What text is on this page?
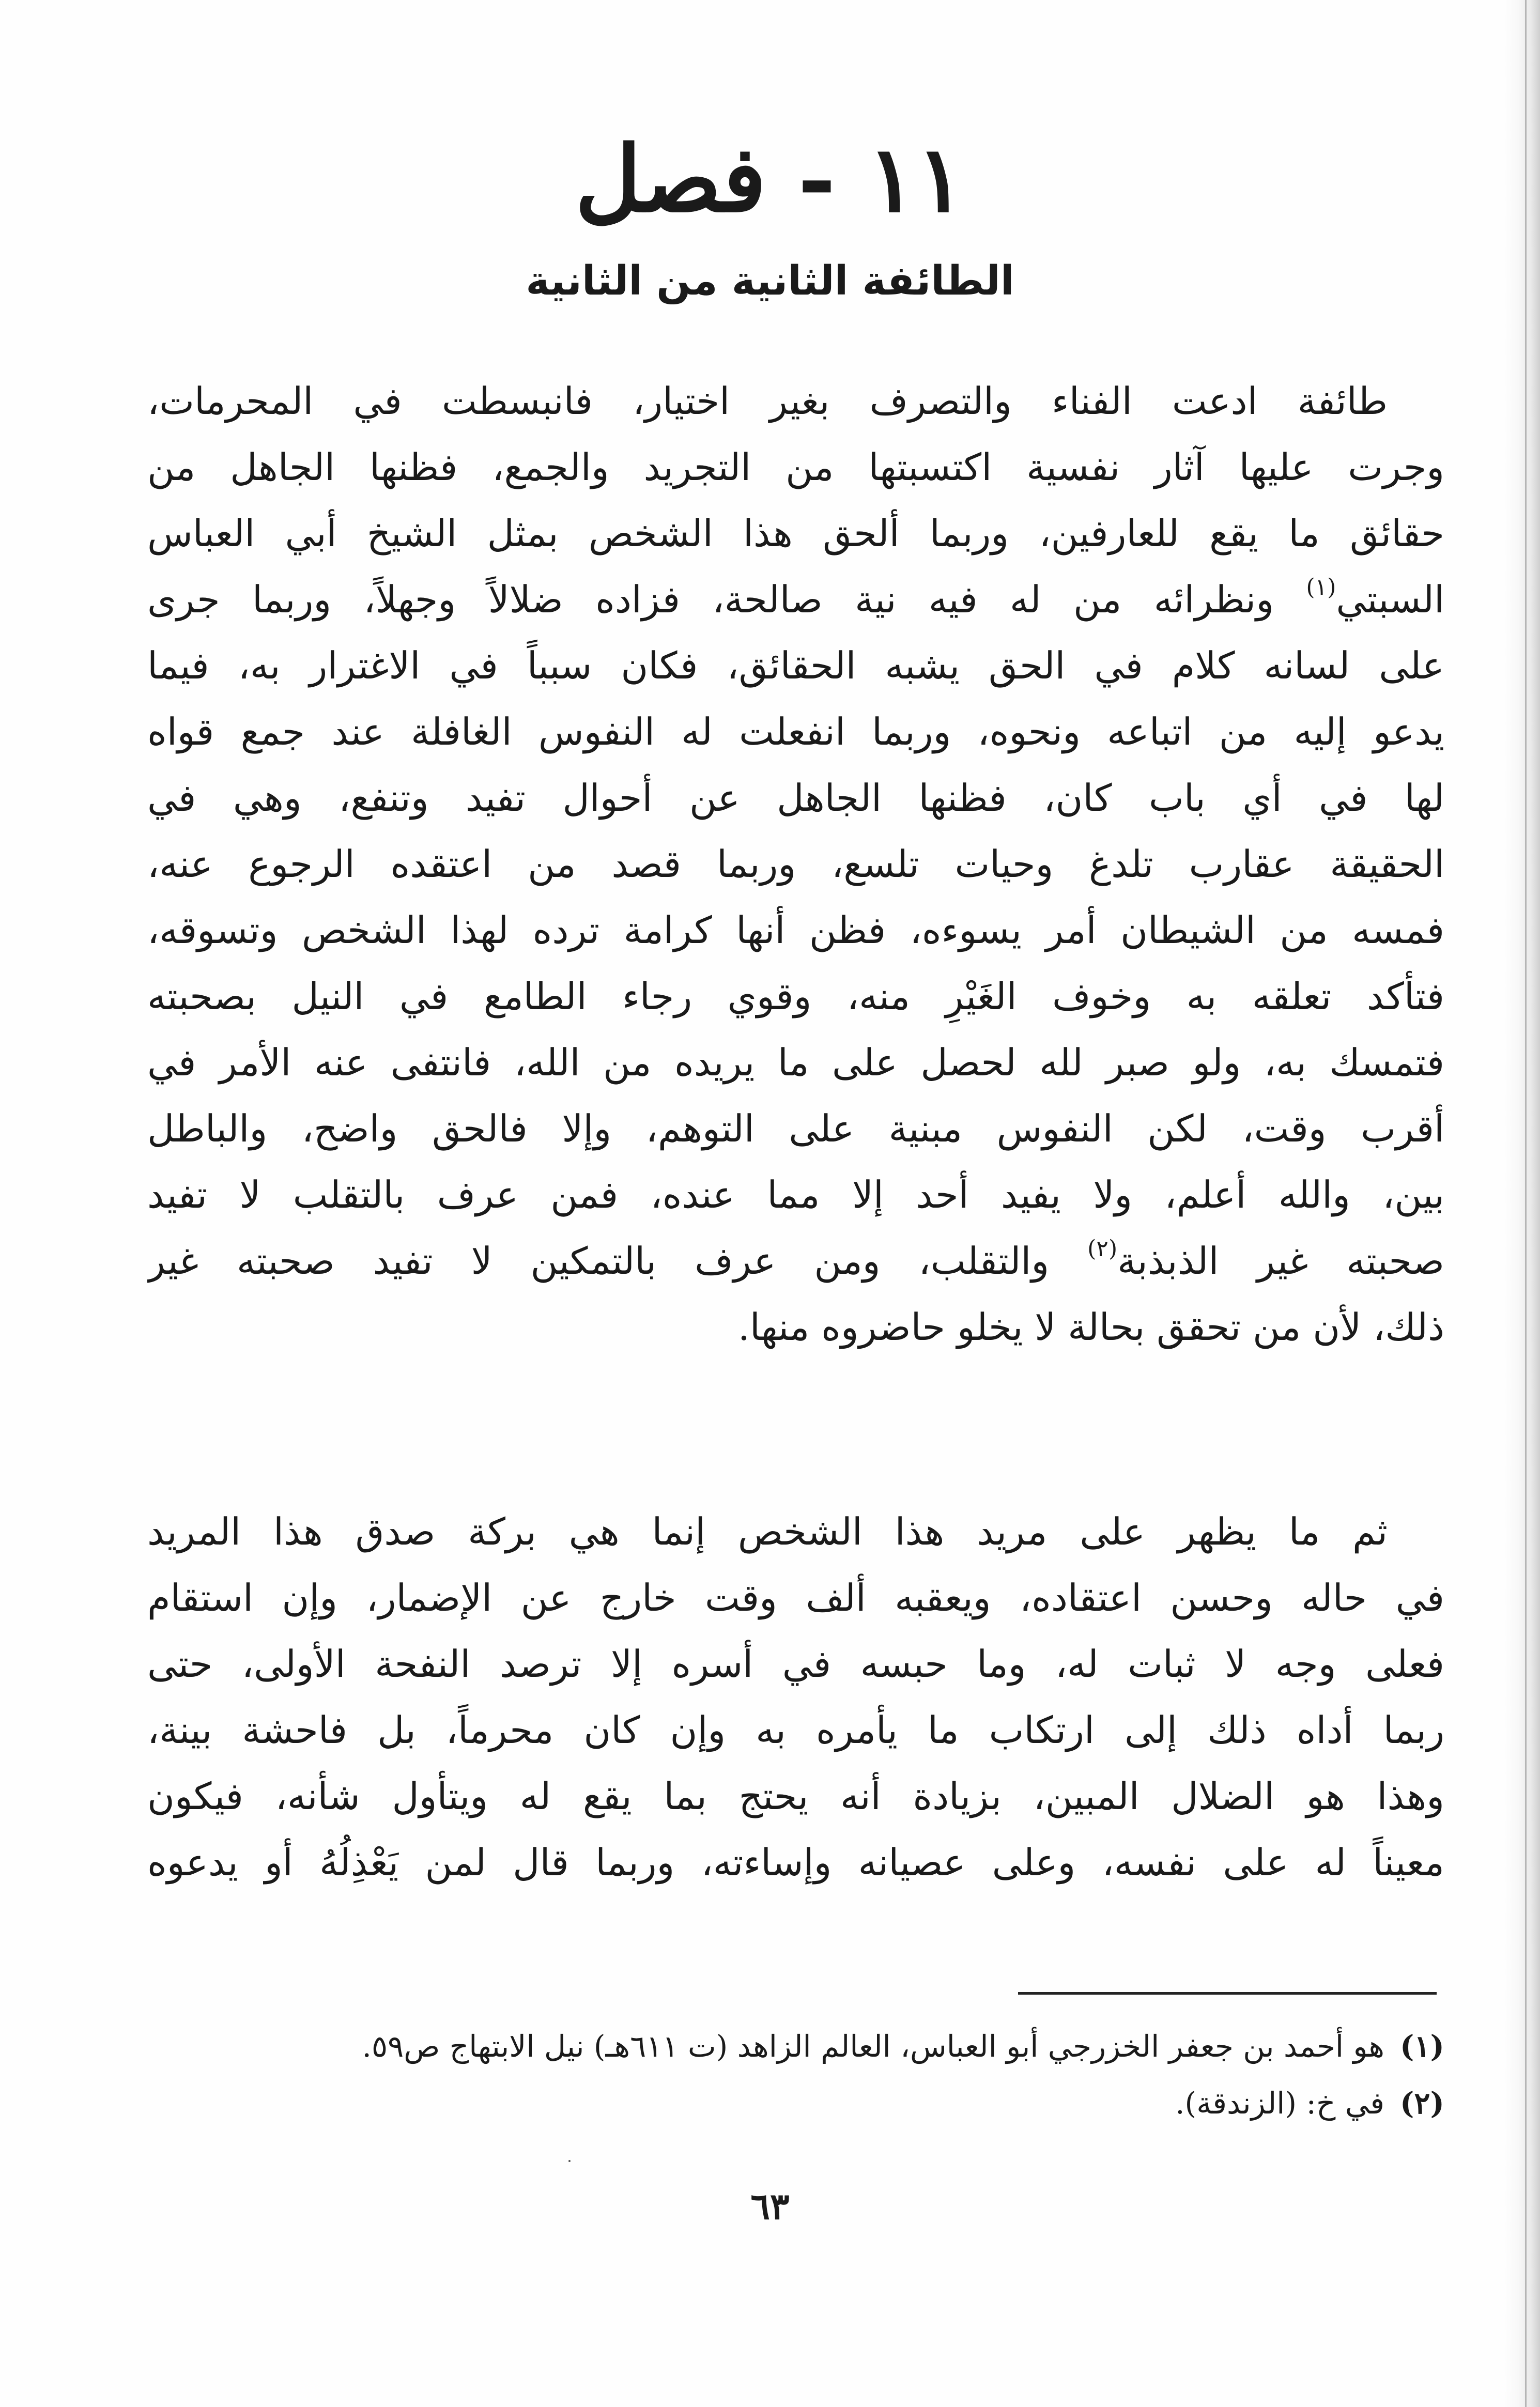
١١ - فصل
الطائفة الثانية من الثانية
طائفة ادعت الفناء والتصرف بغير اختيار، فانبسطت في المحرمات،
وجرت عليها آثار نفسية اكتسبتها من التجريد والجمع، فظنها الجاهل من
حقائق ما يقع للعارفين، وربما ألحق هذا الشخص بمثل الشيخ أبي العباس
السبتي$^{(١)}$ ونظرائه من له فيه نية صالحة، فزاده ضلالاً وجهلاً، وربما جرى
على لسانه كلام في الحق يشبه الحقائق، فكان سبباً في الاغترار به، فيما
يدعو إليه من اتباعه ونحوه، وربما انفعلت له النفوس الغافلة عند جمع قواه
لها في أي باب كان، فظنها الجاهل عن أحوال تفيد وتنفع، وهي في
الحقيقة عقارب تلدغ وحيات تلسع، وربما قصد من اعتقده الرجوع عنه،
فمسه من الشيطان أمر يسوءه، فظن أنها كرامة ترده لهذا الشخص وتسوقه،
فتأكد تعلقه به وخوف الغَيْرِ منه، وقوي رجاء الطامع في النيل بصحبته
فتمسك به، ولو صبر لله لحصل على ما يريده من الله، فانتفى عنه الأمر في
أقرب وقت، لكن النفوس مبنية على التوهم، وإلا فالحق واضح، والباطل
بين، والله أعلم، ولا يفيد أحد إلا مما عنده، فمن عرف بالتقلب لا تفيد
صحبته غير الذبذبة$^{(٢)}$ والتقلب، ومن عرف بالتمكين لا تفيد صحبته غير
ذلك، لأن من تحقق بحالة لا يخلو حاضروه منها.
ثم ما يظهر على مريد هذا الشخص إنما هي بركة صدق هذا المريد
في حاله وحسن اعتقاده، ويعقبه ألف وقت خارج عن الإضمار، وإن استقام
فعلى وجه لا ثبات له، وما حبسه في أسره إلا ترصد النفحة الأولى، حتى
ربما أداه ذلك إلى ارتكاب ما يأمره به وإن كان محرماً، بل فاحشة بينة،
وهذا هو الضلال المبين، بزيادة أنه يحتج بما يقع له ويتأول شأنه، فيكون
معيناً له على نفسه، وعلى عصيانه وإساءته، وربما قال لمن يَعْذِلُهُ أو يدعوه
(١)هو أحمد بن جعفر الخزرجي أبو العباس، العالم الزاهد (ت ٦١١هـ) نيل الابتهاج ص٥٩.
(٢)في خ: (الزندقة).
٦٣
